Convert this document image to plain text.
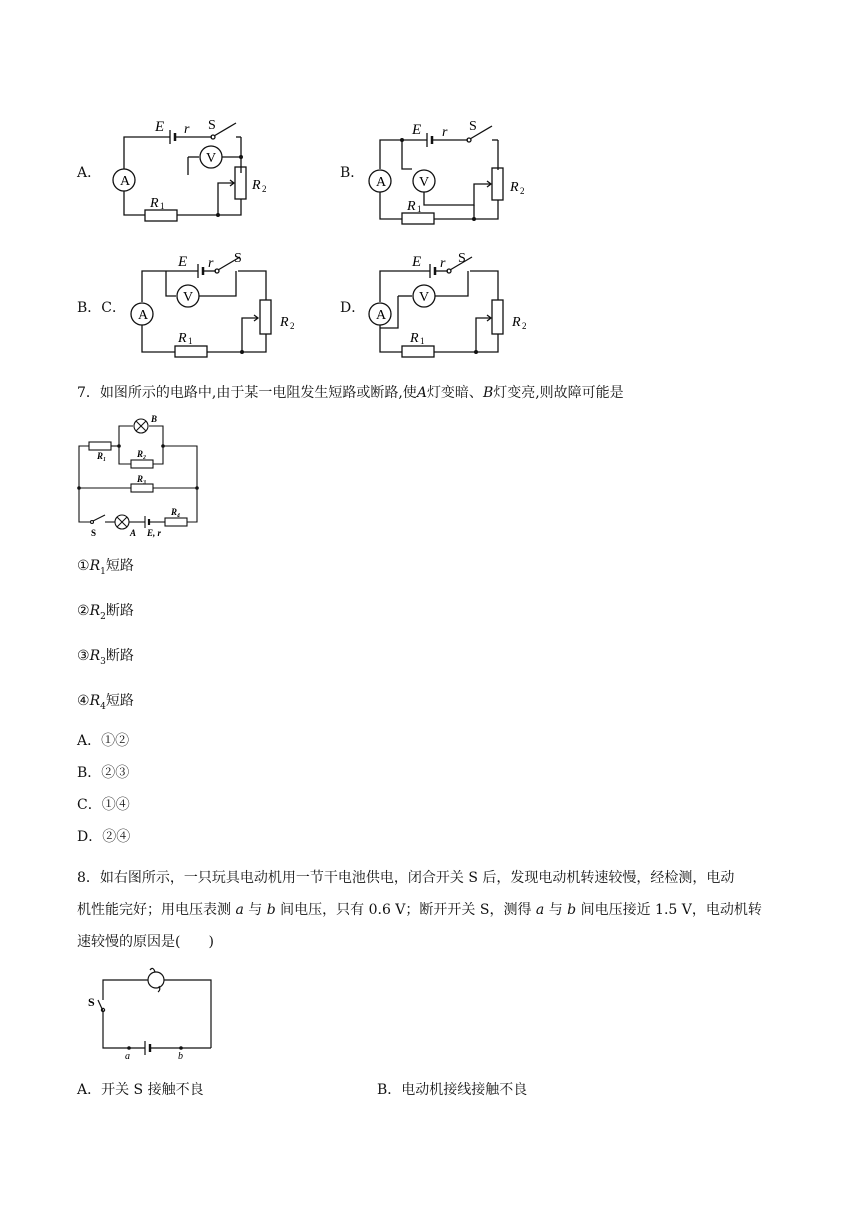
A．
A
V
E r S
R 1
R 2
B．
A V
E r S
R 1
R 2
B．C． A
V
E r S
R 1
R 2
D． A
V
E r S
R 1
R 2
7．如图所示的电路中,由于某一电阻发生短路或断路,使A灯变暗、B灯变亮,则故障可能是
R₁	R₂
B
R₃
R₄
S	A E, r
$①R_1$短路
$②R_2$断路
$③R_3$断路
$④R_4$短路
A．①②
B．②③
C．①④
D．②④
8．如右图所示，一只玩具电动机用一节干电池供电，闭合开关 S 后，发现电动机转速较慢，经检测，电动
机性能完好；用电压表测 a 与 b 间电压，只有 0.6 V；断开开关 S，测得 a 与 b 间电压接近 1.5 V，电动机转
速较慢的原因是(　　)
S
a	b
A．开关 S 接触不良	B．电动机接线接触不良
